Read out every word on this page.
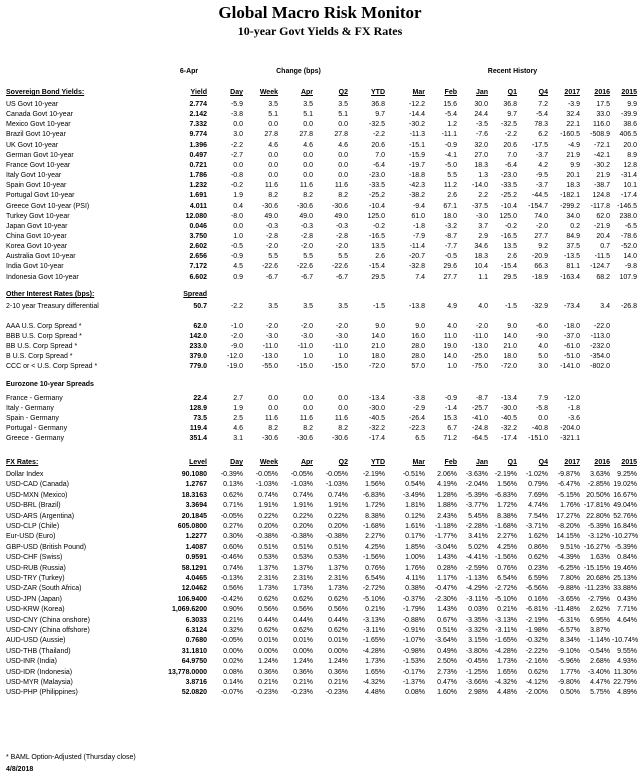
Global Macro Risk Monitor
10-year Govt Yields & FX Rates
6-Apr	Change (bps)	Recent History
Sovereign Bond Yields:	Yield	Day	Week	Apr	Q2	YTD	Mar	Feb	Jan	Q1	Q4	2017	2016	2015
US Govt 10-year	2.774	-5.9	3.5	3.5	3.5	36.8	-12.2	15.6	30.0	36.8	7.2	-3.9	17.5	9.9
Canada Govt 10-year	2.142	-3.8	5.1	5.1	5.1	9.7	-14.4	-5.4	24.4	9.7	-5.4	32.4	33.0	-39.9
Mexico Govt 10-year	7.332	0.0	0.0	0.0	0.0	-32.5	-30.2	1.2	-3.5	-32.5	78.3	22.1	116.0	38.6
Brazil Govt 10-year	9.774	3.0	27.8	27.8	27.8	-2.2	-11.3	-11.1	-7.6	-2.2	6.2	-160.5	-508.9	406.5
UK Govt 10-year	1.396	-2.2	4.6	4.6	4.6	20.6	-15.1	-0.9	32.0	20.6	-17.5	-4.9	-72.1	20.0
German Govt 10-year	0.497	-2.7	0.0	0.0	0.0	7.0	-15.9	-4.1	27.0	7.0	-3.7	21.9	-42.1	8.9
France Govt 10-year	0.721	0.0	0.0	0.0	0.0	-6.4	-19.7	-5.0	18.3	-6.4	4.2	9.9	-30.2	12.8
Italy Govt 10-year	1.786	-0.8	0.0	0.0	0.0	-23.0	-18.8	5.5	1.3	-23.0	-9.5	20.1	21.9	-31.4
Spain Govt 10-year	1.232	-0.2	11.6	11.6	11.6	-33.5	-42.3	11.2	-14.0	-33.5	-3.7	18.3	-38.7	10.1
Portugal Govt 10-year	1.691	1.9	8.2	8.2	8.2	-25.2	-38.2	2.6	2.2	-25.2	-44.5	-182.1	124.8	-17.4
Greece Govt 10-year (PSI)	4.011	0.4	-30.6	-30.6	-30.6	-10.4	-9.4	67.1	-37.5	-10.4	-154.7	-299.2	-117.8	-146.5
Turkey Govt 10-year	12.080	-8.0	49.0	49.0	49.0	125.0	61.0	18.0	-3.0	125.0	74.0	34.0	62.0	238.0
Japan Govt 10-year	0.046	0.0	-0.3	-0.3	-0.3	-0.2	-1.8	-3.2	3.7	-0.2	-2.0	0.2	-21.9	-6.5
China Govt 10-year	3.750	1.0	-2.8	-2.8	-2.8	-16.5	-7.9	-8.7	2.9	-16.5	27.7	84.9	20.4	-78.6
Korea Govt 10-year	2.602	-0.5	-2.0	-2.0	-2.0	13.5	-11.4	-7.7	34.6	13.5	9.2	37.5	0.7	-52.0
Australia Govt 10-year	2.656	-0.9	5.5	5.5	5.5	2.6	-20.7	-0.5	18.3	2.6	-20.9	-13.5	-11.5	14.0
India Govt 10-year	7.172	4.5	-22.6	-22.6	-22.6	-15.4	-32.8	29.6	10.4	-15.4	66.3	81.1	-124.7	-9.8
Indonesia Govt 10-year	6.602	0.9	-6.7	-6.7	-6.7	29.5	7.4	27.7	1.1	29.5	-18.9	-163.4	68.2	107.9
Other Interest Rates (bps):	Spread
2-10 year Treasury differential	50.7	-2.2	3.5	3.5	3.5	-1.5	-13.8	4.9	4.0	-1.5	-32.9	-73.4	3.4	-26.8
AAA U.S. Corp Spread *	62.0	-1.0	-2.0	-2.0	-2.0	9.0	9.0	4.0	-2.0	9.0	-6.0	-18.0	-22.0
BBB U.S. Corp Spread *	142.0	-2.0	-3.0	-3.0	-3.0	14.0	16.0	11.0	-11.0	14.0	-9.0	-37.0	-113.0
BB U.S. Corp Spread *	233.0	-9.0	-11.0	-11.0	-11.0	21.0	28.0	19.0	-13.0	21.0	4.0	-61.0	-232.0
B U.S. Corp Spread *	379.0	-12.0	-13.0	1.0	1.0	18.0	28.0	14.0	-25.0	18.0	5.0	-51.0	-354.0
CCC or < U.S. Corp Spread *	779.0	-19.0	-55.0	-15.0	-15.0	-72.0	57.0	1.0	-75.0	-72.0	3.0	-141.0	-802.0
Eurozone 10-year Spreads
France - Germany	22.4	2.7	0.0	0.0	0.0	-13.4	-3.8	-0.9	-8.7	-13.4	7.9	-12.0
Italy - Germany	128.9	1.9	0.0	0.0	0.0	-30.0	-2.9	-1.4	-25.7	-30.0	-5.8	-1.8
Spain - Germany	73.5	2.5	11.6	11.6	11.6	-40.5	-26.4	15.3	-41.0	-40.5	0.0	-3.6
Portugal - Germany	119.4	4.6	8.2	8.2	8.2	-32.2	-22.3	6.7	-24.8	-32.2	-40.8	-204.0
Greece - Germany	351.4	3.1	-30.6	-30.6	-30.6	-17.4	6.5	71.2	-64.5	-17.4	-151.0	-321.1
FX Rates:	Level	Day	Week	Apr	Q2	YTD	Mar	Feb	Jan	Q1	Q4	2017	2016	2015
Dollar Index	90.1080	-0.39%	-0.05%	-0.05%	-0.05%	-2.19%	-0.51%	2.06%	-3.63% -2.19%	-1.02%	-9.87%	3.63%	9.25%
USD-CAD (Canada)	1.2767	0.13%	-1.03%	-1.03%	-1.03%	1.56%	0.54%	4.19%	-2.04%	1.56%	0.79%	-6.47%	-2.85% 19.02%
USD-MXN (Mexico)	18.3163	0.62%	0.74%	0.74%	0.74%	-6.83%	-3.49%	1.28%	-5.39% -6.83%	7.69%	-5.15% 20.50% 16.67%
USD-BRL (Brazil)	3.3694	0.71%	1.91%	1.91%	1.91%	1.72%	1.81%	1.88%	-3.77%	1.72%	4.74%	1.76% -17.81% 49.04%
USD-ARS (Argentina)	20.1845	-0.05%	0.22%	0.22%	0.22%	8.38%	0.12%	2.43%	5.45%	8.38%	7.54%	17.27% 22.80% 52.76%
USD-CLP (Chile)	605.0800	0.27%	0.20%	0.20%	0.20%	-1.68%	1.61%	-1.18%	-2.28% -1.68%	-3.71%	-8.20%	-5.39% 16.84%
Eur-USD (Euro)	1.2277	0.30%	-0.38%	-0.38%	-0.38%	2.27%	0.17%	-1.77%	3.41%	2.27%	1.62%	14.15%	-3.12% -10.27%
GBP-USD (British Pound)	1.4087	0.60%	0.51%	0.51%	0.51%	4.25%	1.85%	-3.04%	5.02%	4.25%	0.86%	9.51% -16.27% -5.39%
USD-CHF (Swiss)	0.9591	-0.46%	0.53%	0.53%	0.53%	-1.56%	1.00%	1.43%	-4.41% -1.56%	0.62%	-4.39%	1.63%	0.84%
USD-RUB (Russia)	58.1291	0.74%	1.37%	1.37%	1.37%	0.76%	1.76%	0.28%	-2.59%	0.76%	0.23%	-6.25% -15.15% 19.46%
USD-TRY (Turkey)	4.0465	-0.13%	2.31%	2.31%	2.31%	6.54%	4.11%	1.17%	-1.13%	6.54%	6.59%	7.80% 20.68% 25.13%
USD-ZAR (South Africa)	12.0462	0.56%	1.73%	1.73%	1.73%	-2.72%	0.38%	-0.47%	-4.29% -2.72%	-6.56%	-9.88% -11.23% 33.88%
USD-JPN (Japan)	106.9400	-0.42%	0.62%	0.62%	0.62%	-5.10%	-0.37%	-2.30%	-3.11% -5.10%	0.16%	-3.65%	-2.79%	0.43%
USD-KRW (Korea)	1,069.6200	0.90%	0.56%	0.56%	0.56%	0.21%	-1.79%	1.43%	0.03%	0.21%	-6.81% -11.48%	2.62%	7.71%
USD-CNY (China onshore)	6.3033	0.21%	0.44%	0.44%	0.44%	-3.13%	-0.88%	0.67%	-3.35% -3.13%	-2.19%	-6.31%	6.95%	4.64%
USD-CNY (China offshore)	6.3124	0.32%	0.62%	0.62%	0.62%	-3.11%	-0.91%	0.51%	-3.32%	-3.11%	-1.98%	-6.57%	3.87%
AUD-USD (Aussie)	0.7680	-0.05%	0.01%	0.01%	0.01%	-1.65%	-1.07%	-3.64%	3.15% -1.65%	-0.32%	8.34%	-1.14% -10.74%
USD-THB (Thailand)	31.1810	0.00%	0.00%	0.00%	0.00%	-4.28%	-0.98%	0.49%	-3.80% -4.28%	-2.22%	-9.10%	-0.54%	9.55%
USD-INR (India)	64.9750	0.02%	1.24%	1.24%	1.24%	1.73%	-1.53%	2.50%	-0.45%	1.73%	-2.16%	-5.96%	2.68%	4.93%
USD-IDR (Indonesia)	13,778.0000	0.08%	0.36%	0.36%	0.36%	1.65%	-0.17%	2.73%	-1.25%	1.65%	0.62%	1.77%	-3.40% 11.30%
USD-MYR (Malaysia)	3.8716	0.14%	0.21%	0.21%	0.21%	-4.32%	-1.37%	0.47%	-3.66% -4.32%	-4.12%	-9.80%	4.47% 22.79%
USD-PHP (Philippines)	52.0820	-0.07%	-0.23%	-0.23%	-0.23%	4.48%	0.08%	1.60%	2.98%	4.48%	-2.00%	0.50%	5.75%	4.89%
* BAML Option-Adjusted (Thursday close)
4/8/2018
